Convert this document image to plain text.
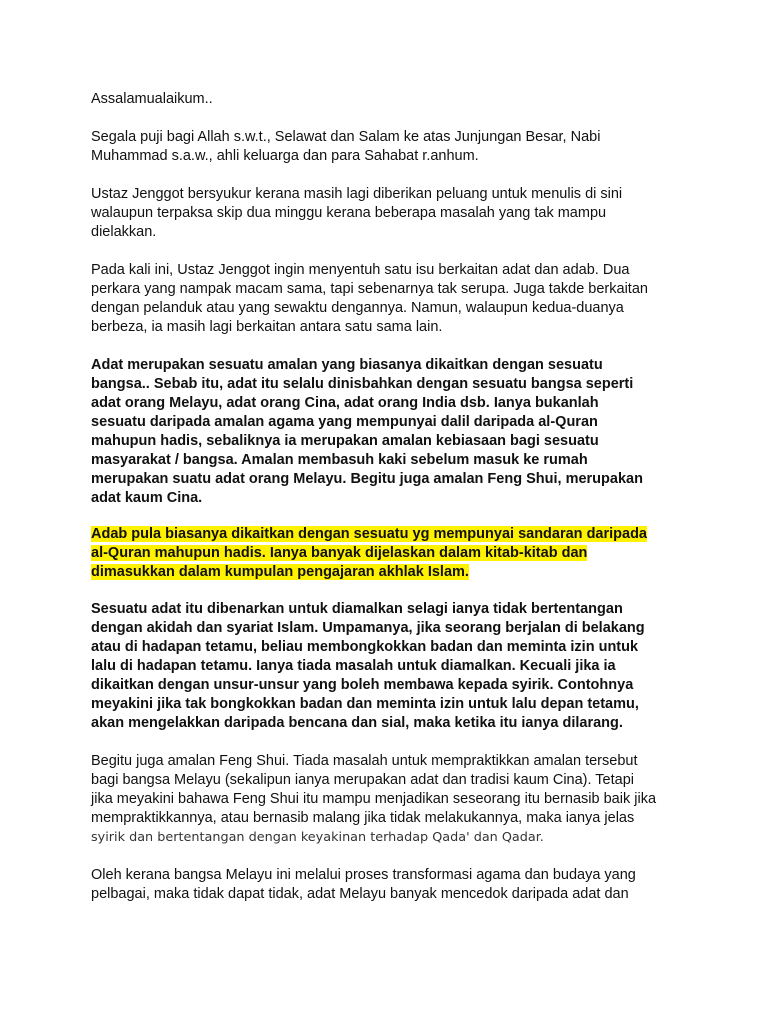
Assalamualaikum..

Segala puji bagi Allah s.w.t., Selawat dan Salam ke atas Junjungan Besar, Nabi
Muhammad s.a.w., ahli keluarga dan para Sahabat r.anhum.

Ustaz Jenggot bersyukur kerana masih lagi diberikan peluang untuk menulis di sini
walaupun terpaksa skip dua minggu kerana beberapa masalah yang tak mampu
dielakkan.

Pada kali ini, Ustaz Jenggot ingin menyentuh satu isu berkaitan adat dan adab. Dua
perkara yang nampak macam sama, tapi sebenarnya tak serupa. Juga takde berkaitan
dengan pelanduk atau yang sewaktu dengannya. Namun, walaupun kedua-duanya
berbeza, ia masih lagi berkaitan antara satu sama lain.

Adat merupakan sesuatu amalan yang biasanya dikaitkan dengan sesuatu
bangsa.. Sebab itu, adat itu selalu dinisbahkan dengan sesuatu bangsa seperti
adat orang Melayu, adat orang Cina, adat orang India dsb. Ianya bukanlah
sesuatu daripada amalan agama yang mempunyai dalil daripada al-Quran
mahupun hadis, sebaliknya ia merupakan amalan kebiasaan bagi sesuatu
masyarakat / bangsa. Amalan membasuh kaki sebelum masuk ke rumah
merupakan suatu adat orang Melayu. Begitu juga amalan Feng Shui, merupakan
adat kaum Cina.

Adab pula biasanya dikaitkan dengan sesuatu yg mempunyai sandaran daripada
al-Quran mahupun hadis. Ianya banyak dijelaskan dalam kitab-kitab dan
dimasukkan dalam kumpulan pengajaran akhlak Islam.

Sesuatu adat itu dibenarkan untuk diamalkan selagi ianya tidak bertentangan
dengan akidah dan syariat Islam. Umpamanya, jika seorang berjalan di belakang
atau di hadapan tetamu, beliau membongkokkan badan dan meminta izin untuk
lalu di hadapan tetamu. Ianya tiada masalah untuk diamalkan. Kecuali jika ia
dikaitkan dengan unsur-unsur yang boleh membawa kepada syirik. Contohnya
meyakini jika tak bongkokkan badan dan meminta izin untuk lalu depan tetamu,
akan mengelakkan daripada bencana dan sial, maka ketika itu ianya dilarang.

Begitu juga amalan Feng Shui. Tiada masalah untuk mempraktikkan amalan tersebut
bagi bangsa Melayu (sekalipun ianya merupakan adat dan tradisi kaum Cina). Tetapi
jika meyakini bahawa Feng Shui itu mampu menjadikan seseorang itu bernasib baik jika
mempraktikkannya, atau bernasib malang jika tidak melakukannya, maka ianya jelas
syirik dan bertentangan dengan keyakinan terhadap Qada' dan Qadar.

Oleh kerana bangsa Melayu ini melalui proses transformasi agama dan budaya yang
pelbagai, maka tidak dapat tidak, adat Melayu banyak mencedok daripada adat dan
